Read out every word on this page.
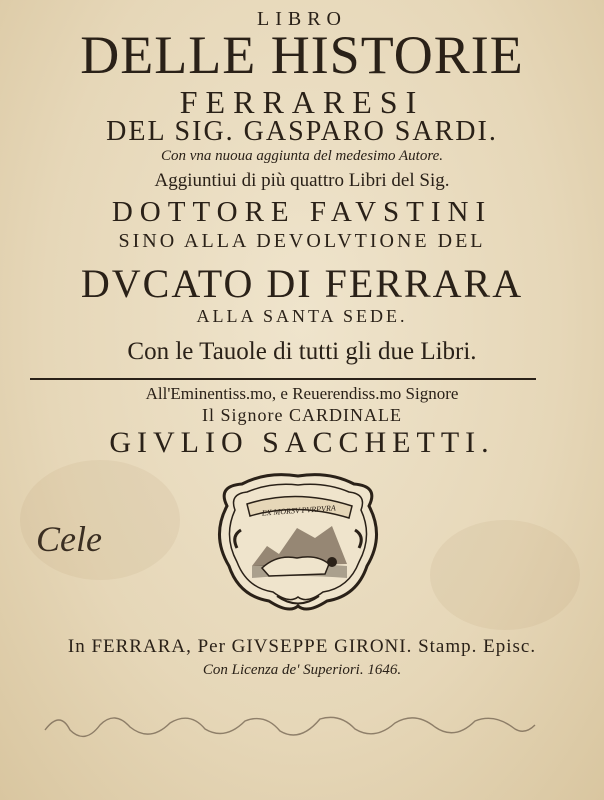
LIBRO
DELLE HISTORIE
FERRARESI
DEL SIG. GASPARO SARDI.
Con vna nuoua aggiunta del medesimo Autore.
Aggiuntiui di più quattro Libri del Sig.
DOTTORE FAVSTINI
SINO ALLA DEVOLVTIONE DEL
DVCATO DI FERRARA
ALLA SANTA SEDE.
Con le Tauole di tutti gli due Libri.
All'Eminentiss.mo, e Reuerendiss.mo Signore
Il Signore CARDINALE
GIVLIO SACCHETTI.
EX MORSV PVRPVRA
In FERRARA, Per GIVSEPPE GIRONI. Stamp. Episc.
Con Licenza de' Superiori. 1646.
Cele
